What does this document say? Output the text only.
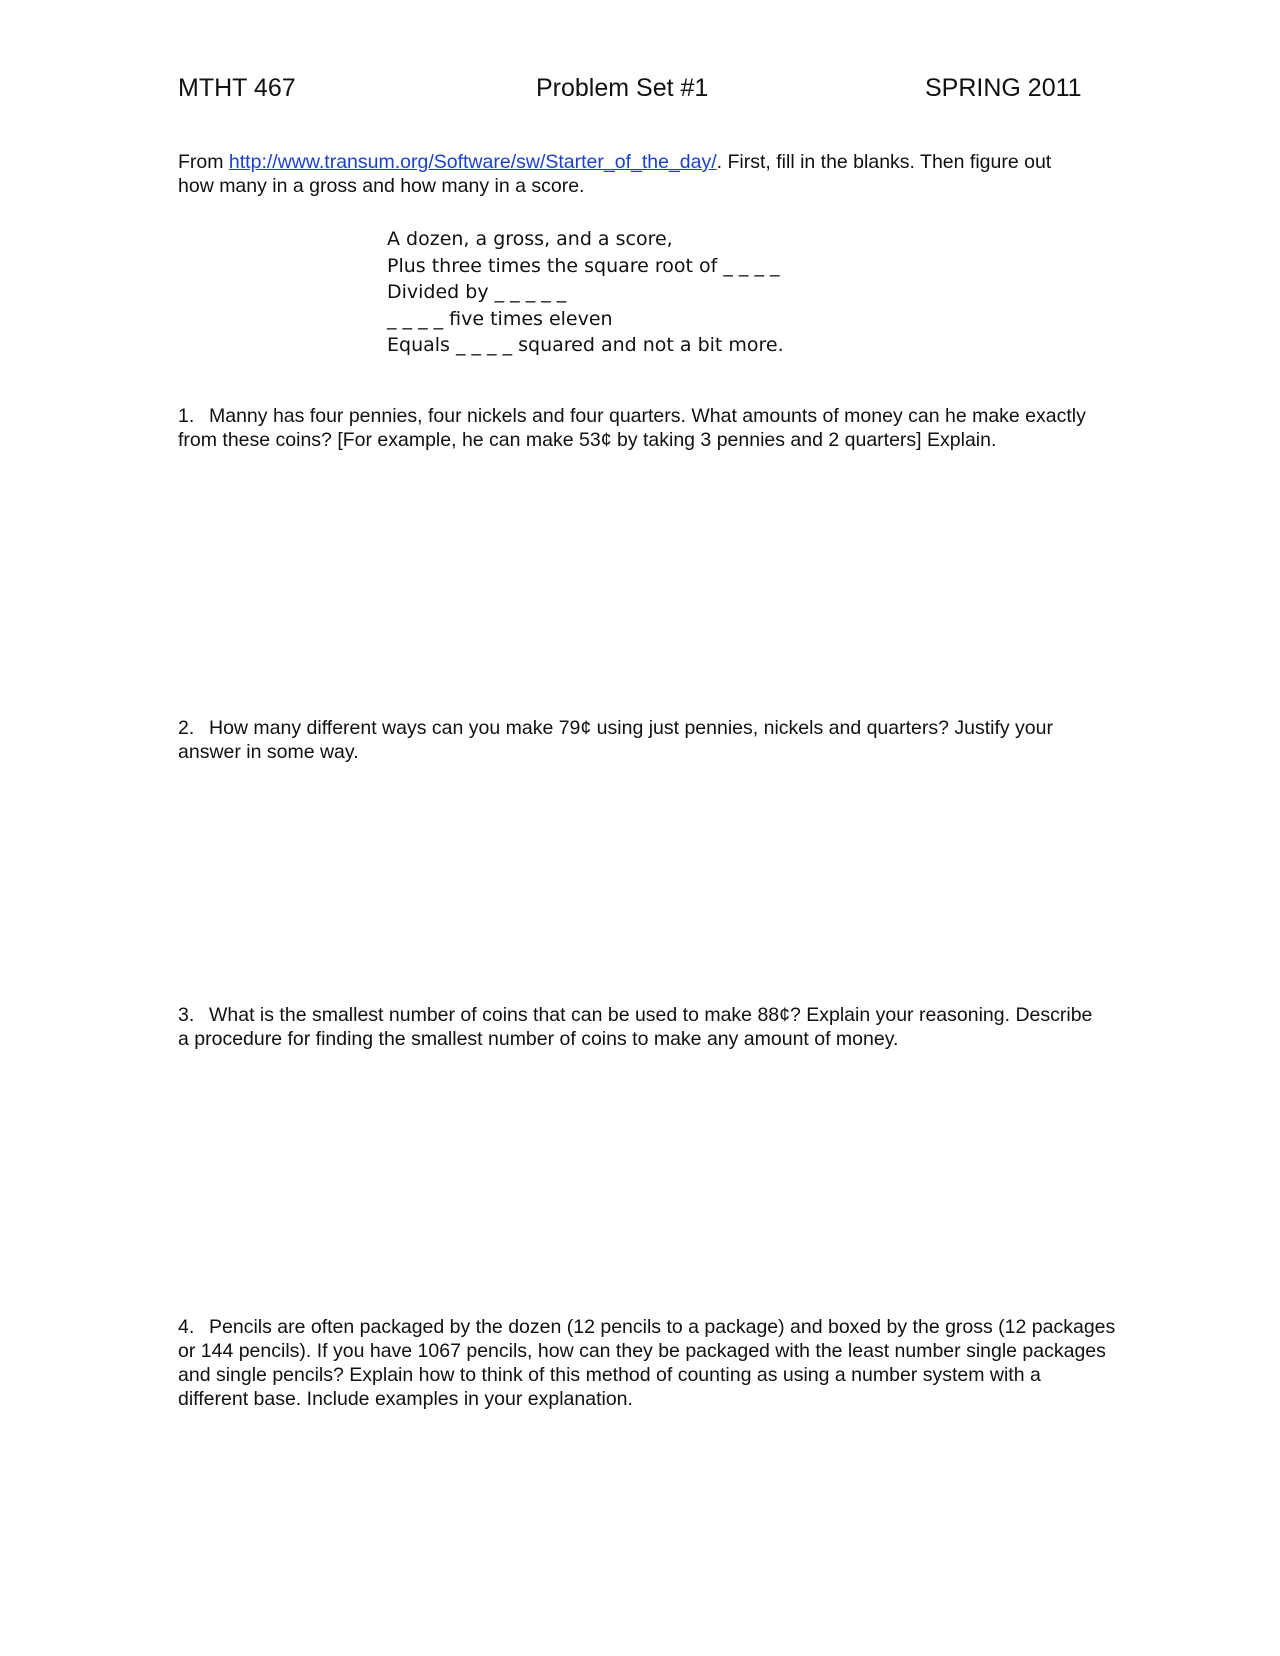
MTHT 467	Problem Set #1	SPRING 2011
From http://www.transum.org/Software/sw/Starter_of_the_day/. First, fill in the blanks. Then figure out
how many in a gross and how many in a score.
A dozen, a gross, and a score,
Plus three times the square root of _ _ _ _
Divided by _ _ _ _ _
_ _ _ _ five times eleven
Equals _ _ _ _ squared and not a bit more.
1. Manny has four pennies, four nickels and four quarters. What amounts of money can he make exactly
from these coins? [For example, he can make 53¢ by taking 3 pennies and 2 quarters] Explain.
2. How many different ways can you make 79¢ using just pennies, nickels and quarters? Justify your
answer in some way.
3. What is the smallest number of coins that can be used to make 88¢? Explain your reasoning. Describe
a procedure for finding the smallest number of coins to make any amount of money.
4. Pencils are often packaged by the dozen (12 pencils to a package) and boxed by the gross (12 packages
or 144 pencils). If you have 1067 pencils, how can they be packaged with the least number single packages
and single pencils? Explain how to think of this method of counting as using a number system with a
different base. Include examples in your explanation.
